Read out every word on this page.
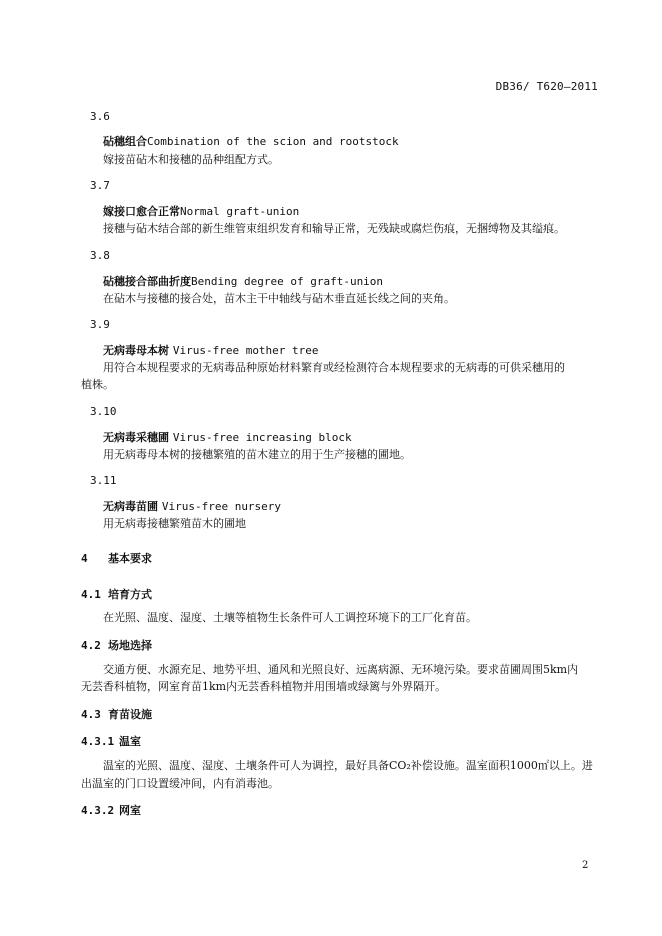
DB36/ T620—2011
3.6
砧穗组合Combination of the scion and rootstock
嫁接苗砧木和接穗的品种组配方式。
3.7
嫁接口愈合正常Normal graft-union
接穗与砧木结合部的新生维管束组织发育和输导正常，无残缺或腐烂伤痕，无捆缚物及其缢痕。
3.8
砧穗接合部曲折度Bending degree of graft-union
在砧木与接穗的接合处，苗木主干中轴线与砧木垂直延长线之间的夹角。
3.9
无病毒母本树 Virus-free mother tree
用符合本规程要求的无病毒品种原始材料繁育或经检测符合本规程要求的无病毒的可供采穗用的
植株。
3.10
无病毒采穗圃 Virus-free increasing block
用无病毒母本树的接穗繁殖的苗木建立的用于生产接穗的圃地。
3.11
无病毒苗圃 Virus-free nursery
用无病毒接穗繁殖苗木的圃地
4 基本要求
4.1 培育方式
在光照、温度、湿度、土壤等植物生长条件可人工调控环境下的工厂化育苗。
4.2 场地选择
交通方便、水源充足、地势平坦、通风和光照良好、远离病源、无环境污染。要求苗圃周围5km内
无芸香科植物，网室育苗1km内无芸香科植物并用围墙或绿篱与外界隔开。
4.3 育苗设施
4.3.1 温室
温室的光照、温度、湿度、土壤条件可人为调控，最好具备CO₂补偿设施。温室面积1000㎡以上。进
出温室的门口设置缓冲间，内有消毒池。
4.3.2 网室
2
